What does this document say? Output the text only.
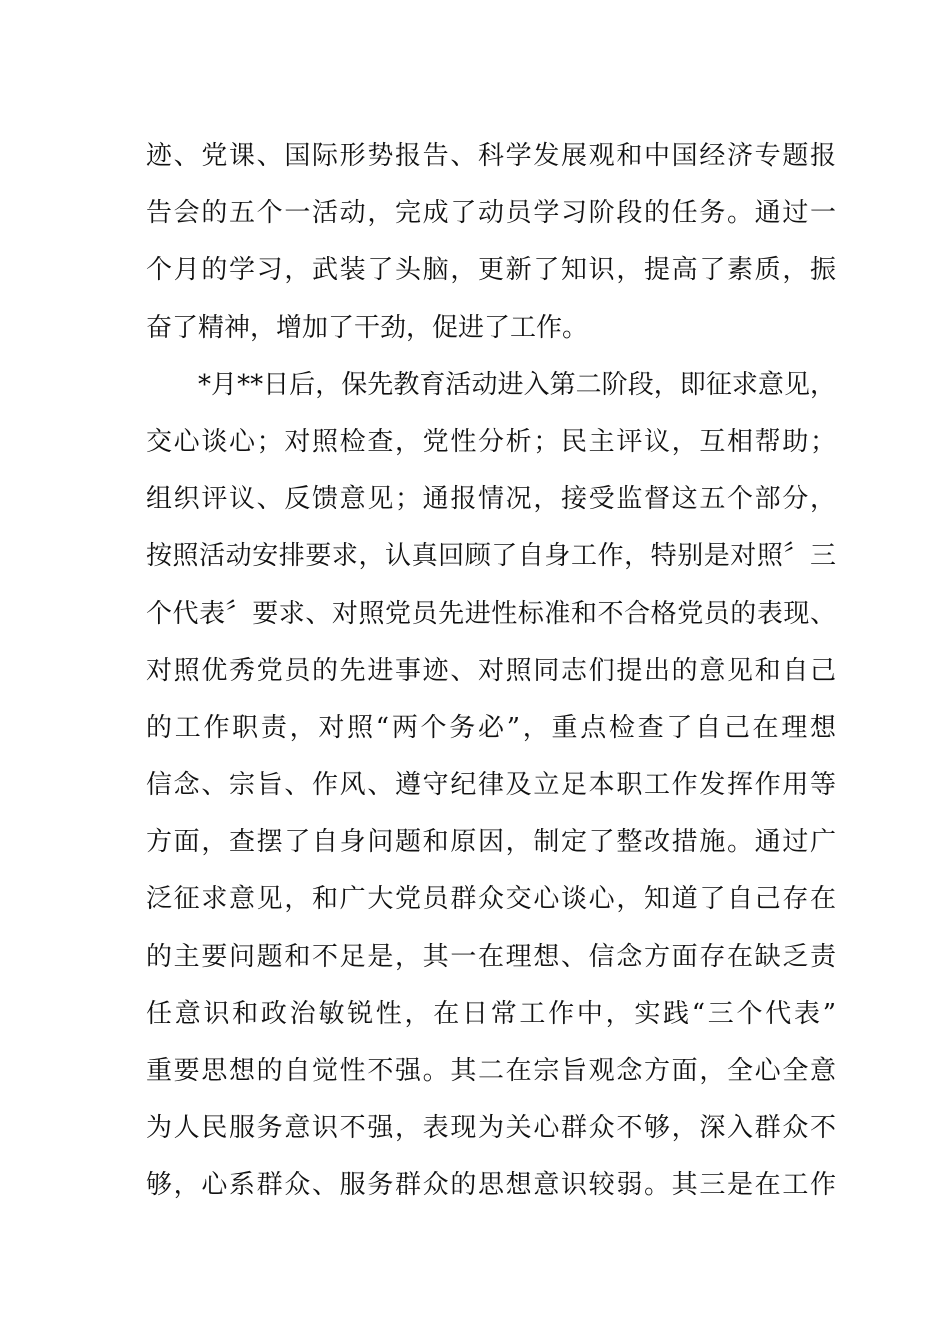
迹、党课、国际形势报告、科学发展观和中国经济专题报
告会的五个一活动，完成了动员学习阶段的任务。通过一
个月的学习，武装了头脑，更新了知识，提高了素质，振
奋了精神，增加了干劲，促进了工作。
*月**日后，保先教育活动进入第二阶段，即征求意见，
交心谈心；对照检查，党性分析；民主评议，互相帮助；
组织评议、反馈意见；通报情况，接受监督这五个部分，
按照活动安排要求，认真回顾了自身工作，特别是对照〞三
个代表〞要求、对照党员先进性标准和不合格党员的表现、
对照优秀党员的先进事迹、对照同志们提出的意见和自己
的工作职责，对照“两个务必”，重点检查了自己在理想
信念、宗旨、作风、遵守纪律及立足本职工作发挥作用等
方面，查摆了自身问题和原因，制定了整改措施。通过广
泛征求意见，和广大党员群众交心谈心，知道了自己存在
的主要问题和不足是，其一在理想、信念方面存在缺乏责
任意识和政治敏锐性，在日常工作中，实践“三个代表”
重要思想的自觉性不强。其二在宗旨观念方面，全心全意
为人民服务意识不强，表现为关心群众不够，深入群众不
够，心系群众、服务群众的思想意识较弱。其三是在工作
